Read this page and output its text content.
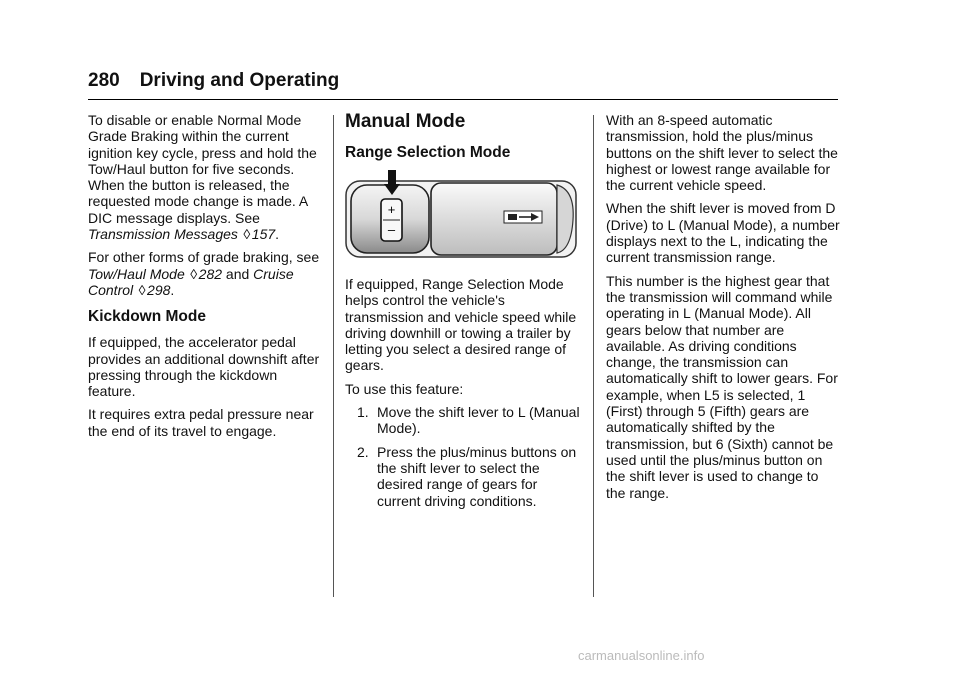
280 Driving and Operating

To disable or enable Normal Mode Grade Braking within the current ignition key cycle, press and hold the Tow/Haul button for five seconds. When the button is released, the requested mode change is made. A DIC message displays. See Transmission Messages ◊ 157.

For other forms of grade braking, see Tow/Haul Mode ◊ 282 and Cruise Control ◊ 298.

Kickdown Mode

If equipped, the accelerator pedal provides an additional downshift after pressing through the kickdown feature.

It requires extra pedal pressure near the end of its travel to engage.

Manual Mode
Range Selection Mode
+
–

If equipped, Range Selection Mode helps control the vehicle's transmission and vehicle speed while driving downhill or towing a trailer by letting you select a desired range of gears.

To use this feature:

1. Move the shift lever to L (Manual Mode).
2. Press the plus/minus buttons on the shift lever to select the desired range of gears for current driving conditions.

With an 8-speed automatic transmission, hold the plus/minus buttons on the shift lever to select the highest or lowest range available for the current vehicle speed.

When the shift lever is moved from D (Drive) to L (Manual Mode), a number displays next to the L, indicating the current transmission range.

This number is the highest gear that the transmission will command while operating in L (Manual Mode). All gears below that number are available. As driving conditions change, the transmission can automatically shift to lower gears. For example, when L5 is selected, 1 (First) through 5 (Fifth) gears are automatically shifted by the transmission, but 6 (Sixth) cannot be used until the plus/minus button on the shift lever is used to change to the range.

carmanualsonline.info
